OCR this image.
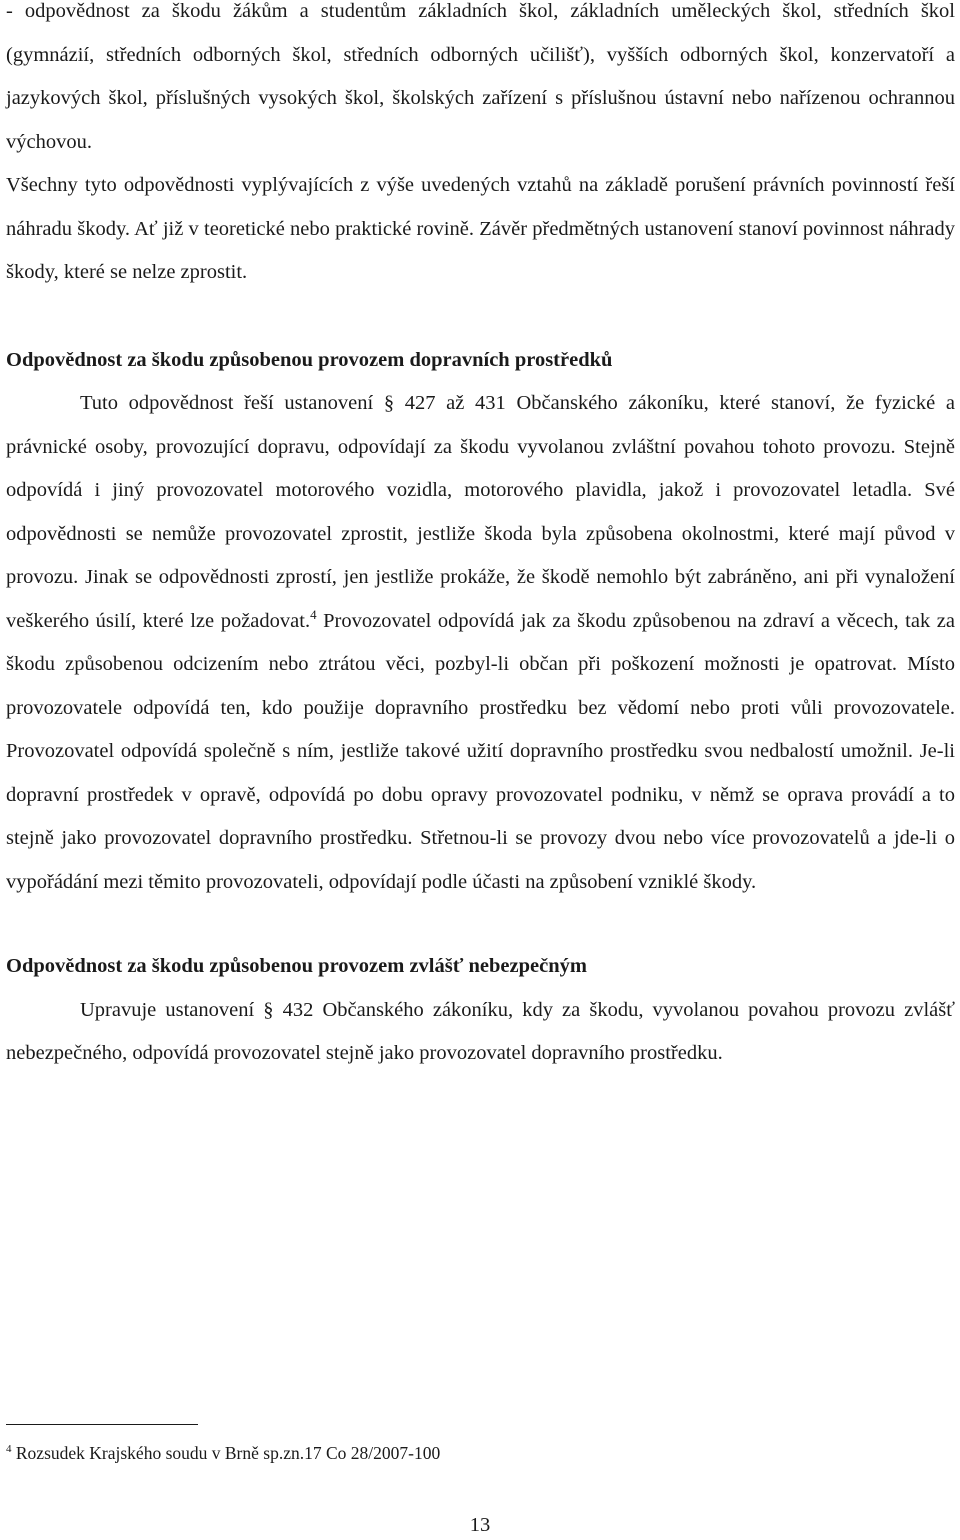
- odpovědnost za škodu žákům a studentům základních škol, základních uměleckých škol, středních škol (gymnázií, středních odborných škol, středních odborných učilišť), vyšších odborných škol, konzervatoří a jazykových škol, příslušných vysokých škol, školských zařízení s příslušnou ústavní nebo nařízenou ochrannou výchovou.

Všechny tyto odpovědnosti vyplývajících z výše uvedených vztahů na základě porušení právních povinností řeší náhradu škody. Ať již v teoretické nebo praktické rovině. Závěr předmětných ustanovení stanoví povinnost náhrady škody, které se nelze zprostit.

Odpovědnost za škodu způsobenou provozem dopravních prostředků

Tuto odpovědnost řeší ustanovení § 427 až 431 Občanského zákoníku, které stanoví, že fyzické a právnické osoby, provozující dopravu, odpovídají za škodu vyvolanou zvláštní povahou tohoto provozu. Stejně odpovídá i jiný provozovatel motorového vozidla, motorového plavidla, jakož i provozovatel letadla. Své odpovědnosti se nemůže provozovatel zprostit, jestliže škoda byla způsobena okolnostmi, které mají původ v provozu. Jinak se odpovědnosti zprostí, jen jestliže prokáže, že škodě nemohlo být zabráněno, ani při vynaložení veškerého úsilí, které lze požadovat.$^4$ Provozovatel odpovídá jak za škodu způsobenou na zdraví a věcech, tak za škodu způsobenou odcizením nebo ztrátou věci, pozbyl-li občan při poškození možnosti je opatrovat. Místo provozovatele odpovídá ten, kdo použije dopravního prostředku bez vědomí nebo proti vůli provozovatele. Provozovatel odpovídá společně s ním, jestliže takové užití dopravního prostředku svou nedbalostí umožnil. Je-li dopravní prostředek v opravě, odpovídá po dobu opravy provozovatel podniku, v němž se oprava provádí a to stejně jako provozovatel dopravního prostředku. Střetnou-li se provozy dvou nebo více provozovatelů a jde-li o vypořádání mezi těmito provozovateli, odpovídají podle účasti na způsobení vzniklé škody.

Odpovědnost za škodu způsobenou provozem zvlášť nebezpečným

Upravuje ustanovení § 432 Občanského zákoníku, kdy za škodu, vyvolanou povahou provozu zvlášť nebezpečného, odpovídá provozovatel stejně jako provozovatel dopravního prostředku.

$^4$ Rozsudek Krajského soudu v Brně sp.zn.17 Co 28/2007-100
13
